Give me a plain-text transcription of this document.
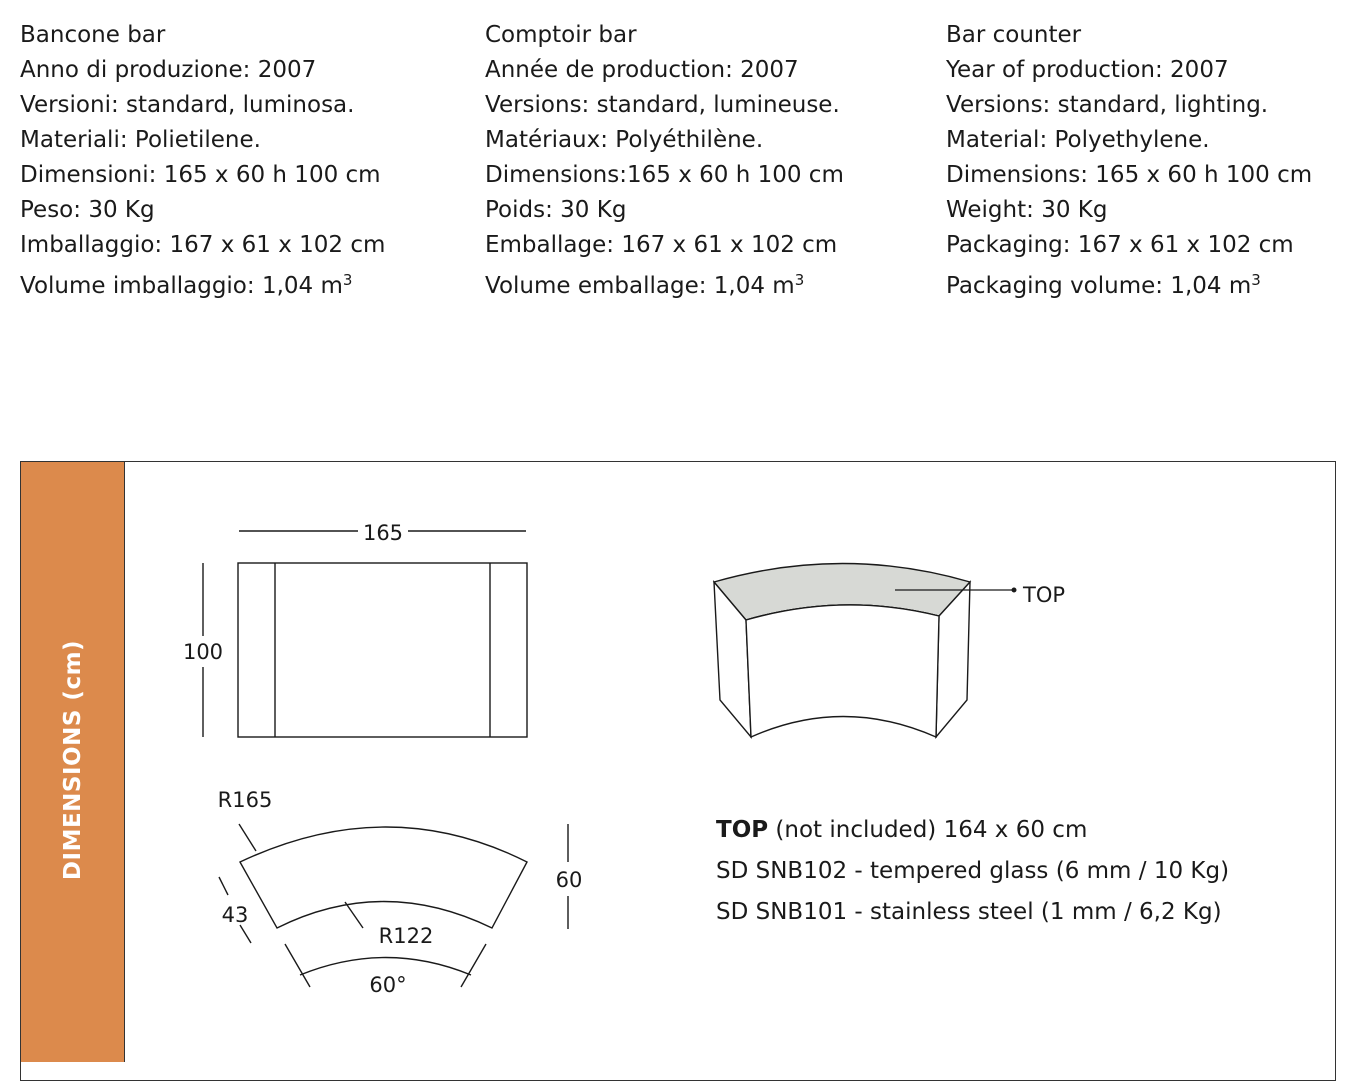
Bancone bar
Anno di produzione: 2007
Versioni: standard, luminosa.
Materiali: Polietilene.
Dimensioni: 165 x 60 h 100 cm
Peso: 30 Kg
Imballaggio: 167 x 61 x 102 cm
Volume imballaggio: 1,04 $m^3$
Comptoir bar
Année de production: 2007
Versions: standard, lumineuse.
Matériaux: Polyéthilène.
Dimensions:165 x 60 h 100 cm
Poids: 30 Kg
Emballage: 167 x 61 x 102 cm
Volume emballage: 1,04 $m^3$
Bar counter
Year of production: 2007
Versions: standard, lighting.
Material: Polyethylene.
Dimensions: 165 x 60 h 100 cm
Weight: 30 Kg
Packaging: 167 x 61 x 102 cm
Packaging volume: 1,04 $m^3$
DIMENSIONS (cm)
165
100
TOP
R165
R122
60
43
60°
TOP (not included) 164 x 60 cm
SD SNB102 - tempered glass (6 mm / 10 Kg)
SD SNB101 - stainless steel (1 mm / 6,2 Kg)
